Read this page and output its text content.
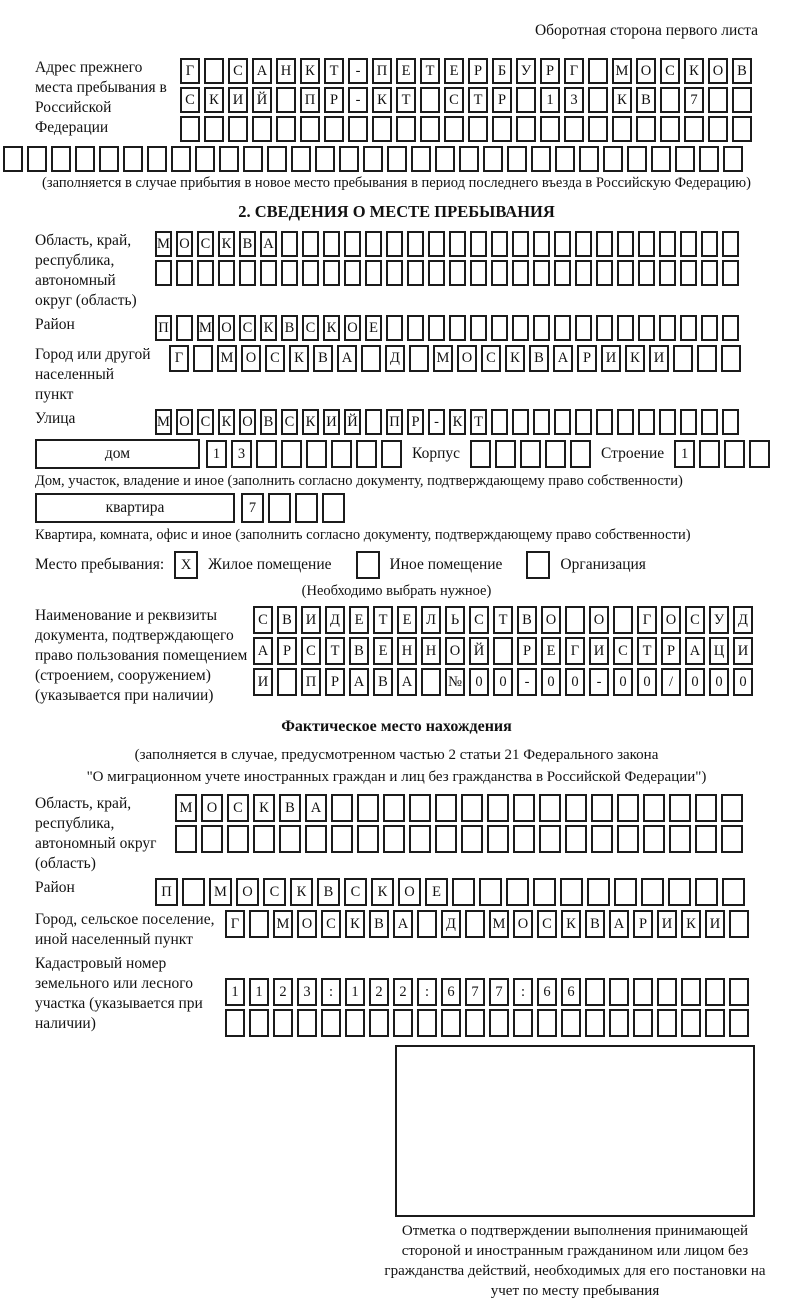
Оборотная сторона первого листа
Адрес прежнего места пребывания в Российской Федерации
Г	С А Н К	Т	-	П Е	Т	Е	Р	Б	У	Р	Г	М О С К О В
С К И Й	П	Р	-	К	Т	С	Т	Р	1	3	К В	7
(заполняется в случае прибытия в новое место пребывания в период последнего въезда в Российскую Федерацию)
2. СВЕДЕНИЯ О МЕСТЕ ПРЕБЫВАНИЯ
Область, край, республика, автономный округ (область)
М О С К В А
Район	П М О С К В С К О Е
Город или другой населенный пункт
Г	М О С К В А	Д	М О С К В А	Р	И К И
Улица	М О С К О В С К И Й П Р	- К Т
дом	1	3	Корпус	Строение	1
Дом, участок, владение и иное (заполнить согласно документу, подтверждающему право собственности)
квартира	7
Квартира, комната, офис и иное (заполнить согласно документу, подтверждающему право собственности)
Место пребывания:	X	Жилое помещение	Иное помещение	Организация
(Необходимо выбрать нужное)
Наименование и реквизиты документа, подтверждающего право пользования помещением (строением, сооружением) (указывается при наличии)
С В И Д	Е	Т	Е	Л	Ь	С	Т	В О	О	Г	О С У Д
А	Р	С	Т	В	Е Н Н О Й	Р	Е	Г	И С	Т	Р	А Ц И
И	П	Р	А В А	№ 0	0	-	0	0	-	0	0	/	0	0	0
Фактическое место нахождения
(заполняется в случае, предусмотренном частью 2 статьи 21 Федерального закона
"О миграционном учете иностранных граждан и лиц без гражданства в Российской Федерации")
Область, край, республика, автономный округ (область)
М О	С	К	В	А
Район	П	М	О	С	К	В	С	К	О	Е
Город, сельское поселение, иной населенный пункт
Г	М О С К В А	Д	М О С К В А	Р	И К И
Кадастровый номер земельного или лесного участка (указывается при наличии)
1	1	2	3	:	1	2	2	:	6	7	7	:	6	6
Отметка о подтверждении выполнения принимающей стороной и иностранным гражданином или лицом без гражданства действий, необходимых для его постановки на учет по месту пребывания
